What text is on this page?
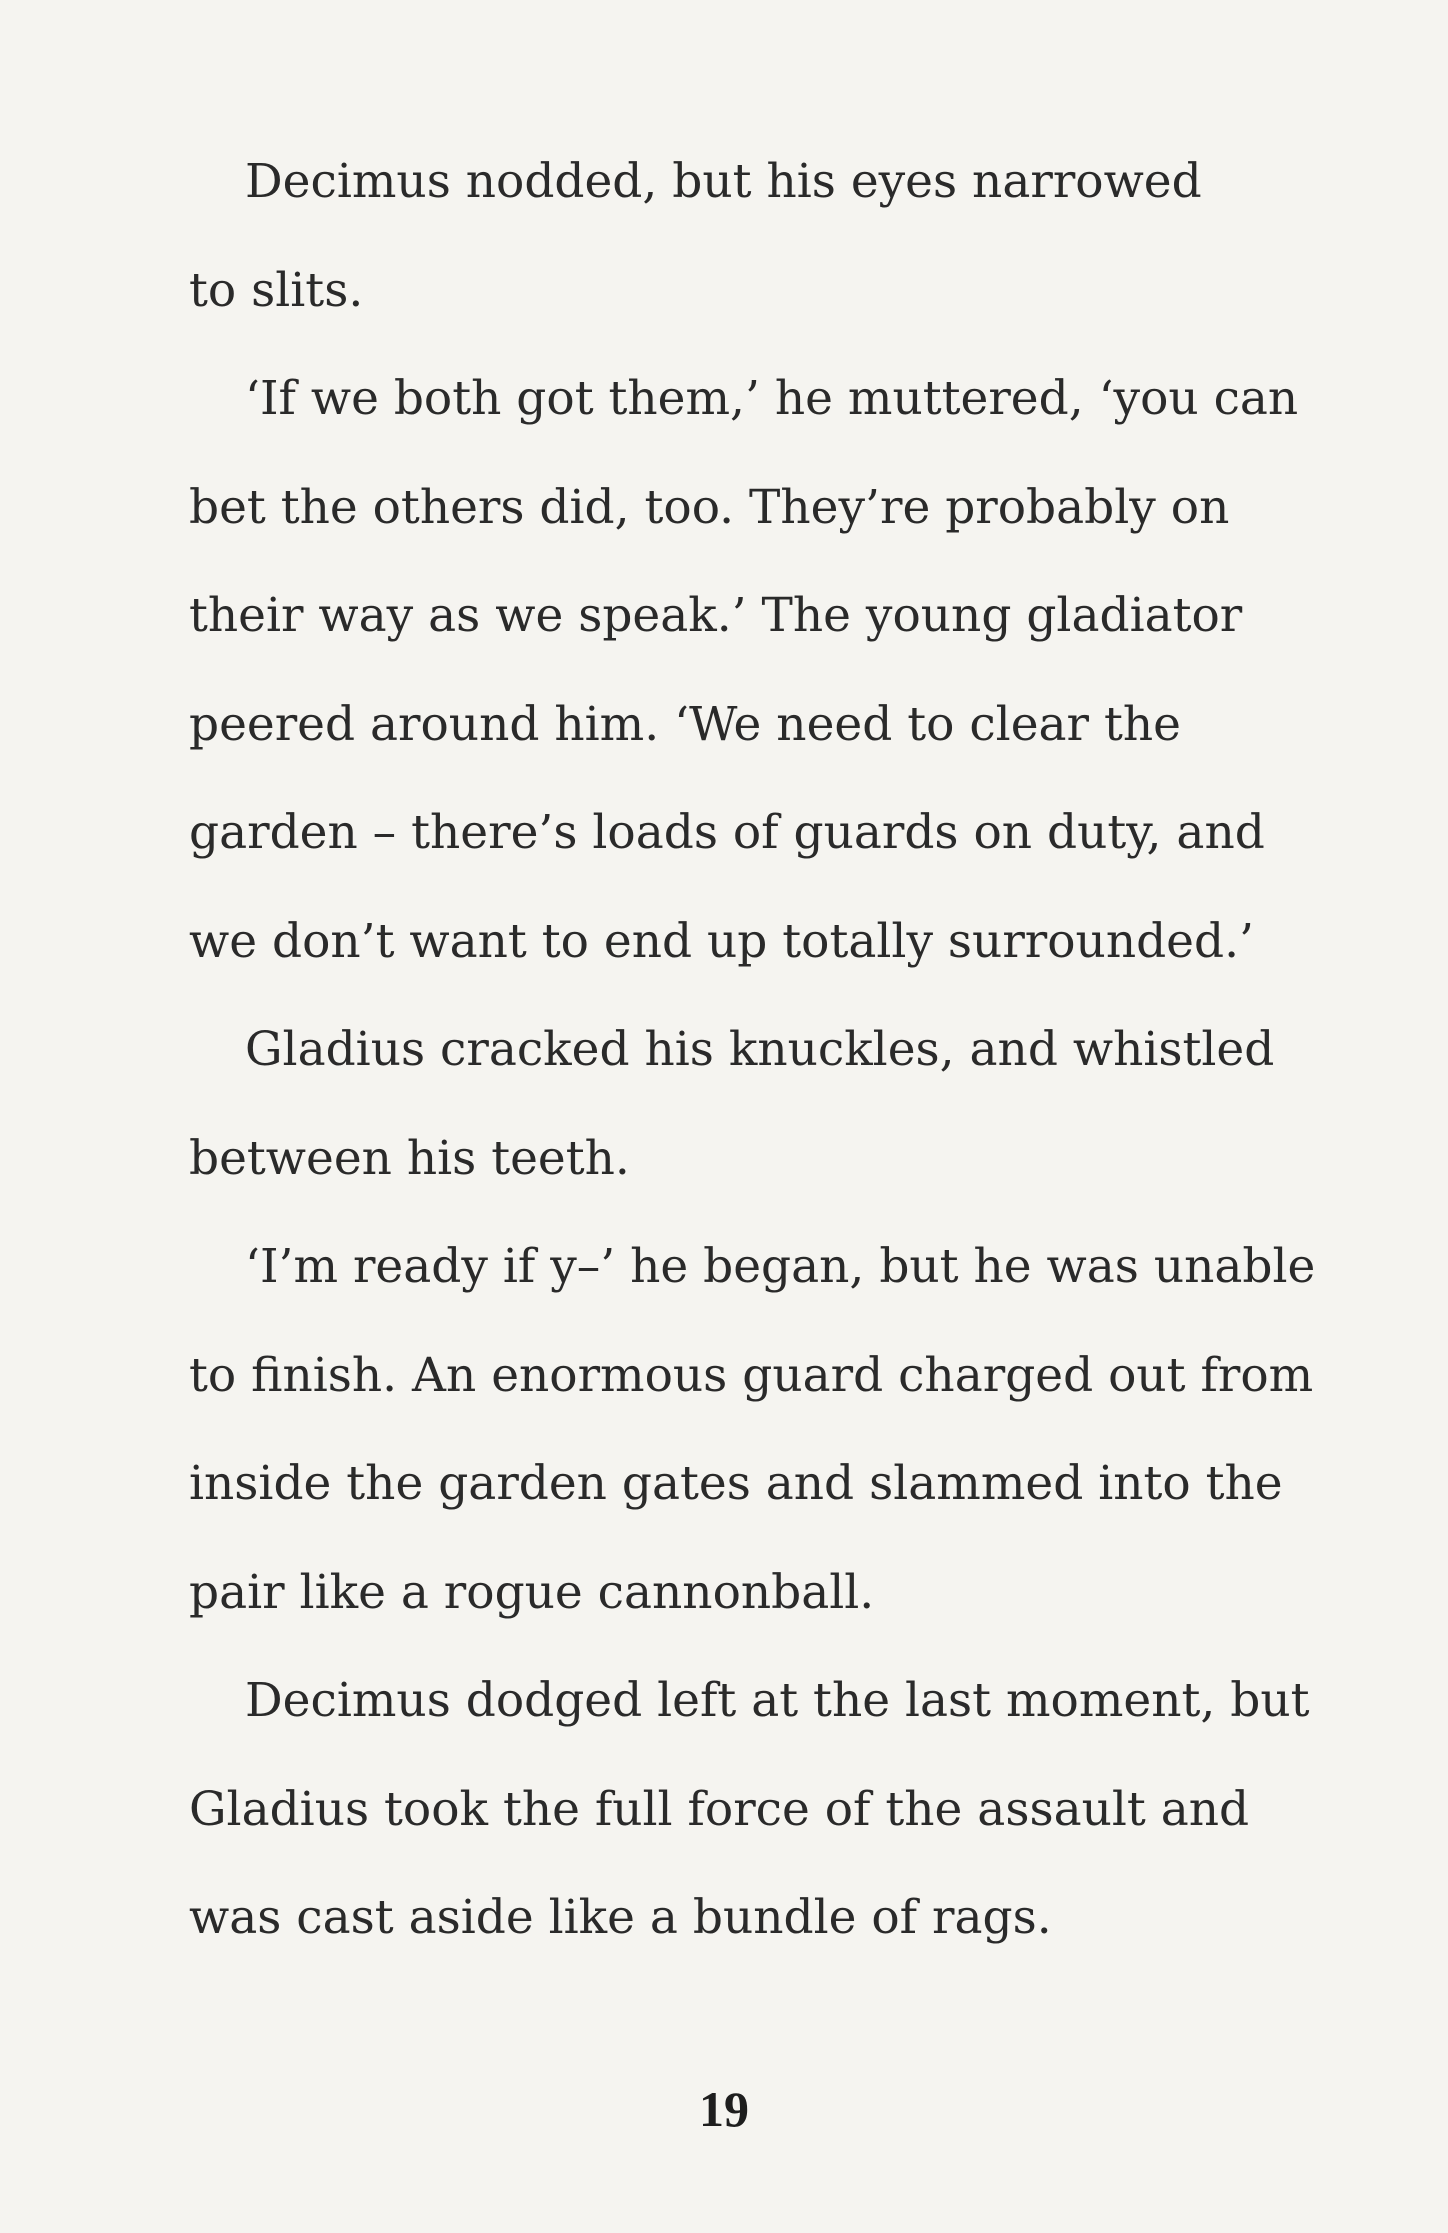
Decimus nodded, but his eyes narrowed
to slits.
‘If we both got them,’ he muttered, ‘you can
bet the others did, too. They’re probably on
their way as we speak.’ The young gladiator
peered around him. ‘We need to clear the
garden – there’s loads of guards on duty, and
we don’t want to end up totally surrounded.’
Gladius cracked his knuckles, and whistled
between his teeth.
‘I’m ready if y–’ he began, but he was unable
to finish. An enormous guard charged out from
inside the garden gates and slammed into the
pair like a rogue cannonball.
Decimus dodged left at the last moment, but
Gladius took the full force of the assault and
was cast aside like a bundle of rags.
19
